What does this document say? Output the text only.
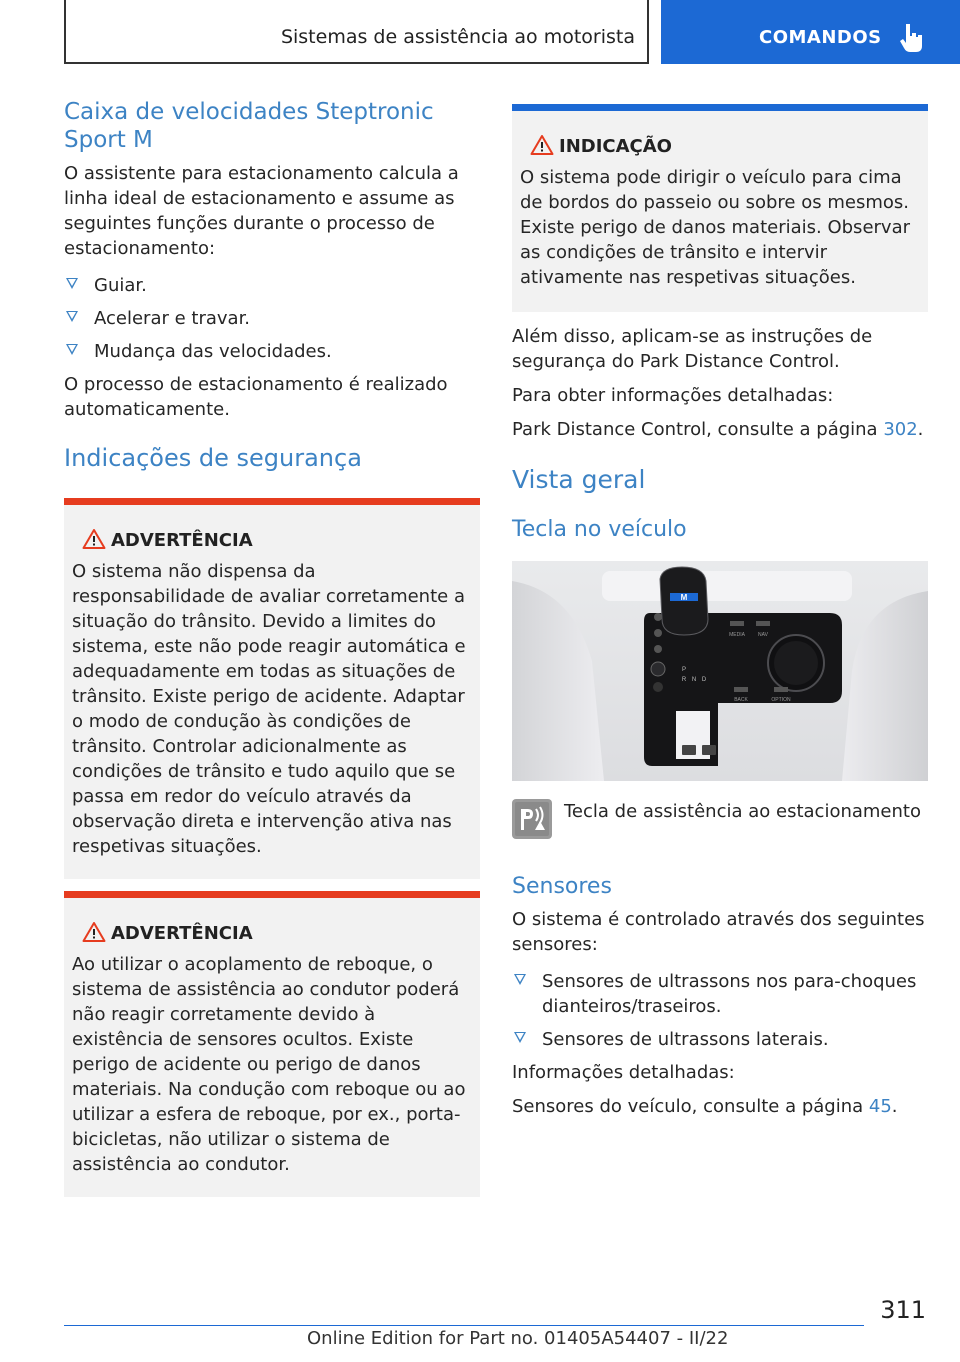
Sistemas de assistência ao motorista	COMANDOS
Caixa de velocidades Steptronic Sport M

O assistente para estacionamento calcula a linha ideal de estacionamento e assume as seguintes funções durante o processo de estacionamento:

Guiar.
Acelerar e travar.
Mudança das velocidades.

O processo de estacionamento é realizado automaticamente.

Indicações de segurança
ADVERTÊNCIA

O sistema não dispensa da responsabilidade de avaliar corretamente a situação do trânsito. Devido a limites do sistema, este não pode reagir automática e adequadamente em todas as situações de trânsito. Existe perigo de acidente. Adaptar o modo de condução às condições de trânsito. Controlar adicionalmente as condições de trânsito e tudo aquilo que se passa em redor do veículo através da observação direta e intervenção ativa nas respetivas situações.

ADVERTÊNCIA

Ao utilizar o acoplamento de reboque, o sistema de assistência ao condutor poderá não reagir corretamente devido à existência de sensores ocultos. Existe perigo de acidente ou perigo de danos materiais. Na condução com reboque ou ao utilizar a esfera de reboque, por ex., porta-bicicletas, não utilizar o sistema de assistência ao condutor.

INDICAÇÃO

O sistema pode dirigir o veículo para cima de bordos do passeio ou sobre os mesmos. Existe perigo de danos materiais. Observar as condições de trânsito e intervir ativamente nas respetivas situações.

Além disso, aplicam-se as instruções de segurança do Park Distance Control.

Para obter informações detalhadas:

Park Distance Control, consulte a página 302.

Vista geral
Tecla no veículo
M
MEDIA	NAV
BACK	OPTION
P
R N D

Tecla de assistência ao estacionamento

Sensores

O sistema é controlado através dos seguintes sensores:

Sensores de ultrassons nos para-choques dianteiros/traseiros.
Sensores de ultrassons laterais.

Informações detalhadas:

Sensores do veículo, consulte a página 45.

311
Online Edition for Part no. 01405A54407 - II/22
